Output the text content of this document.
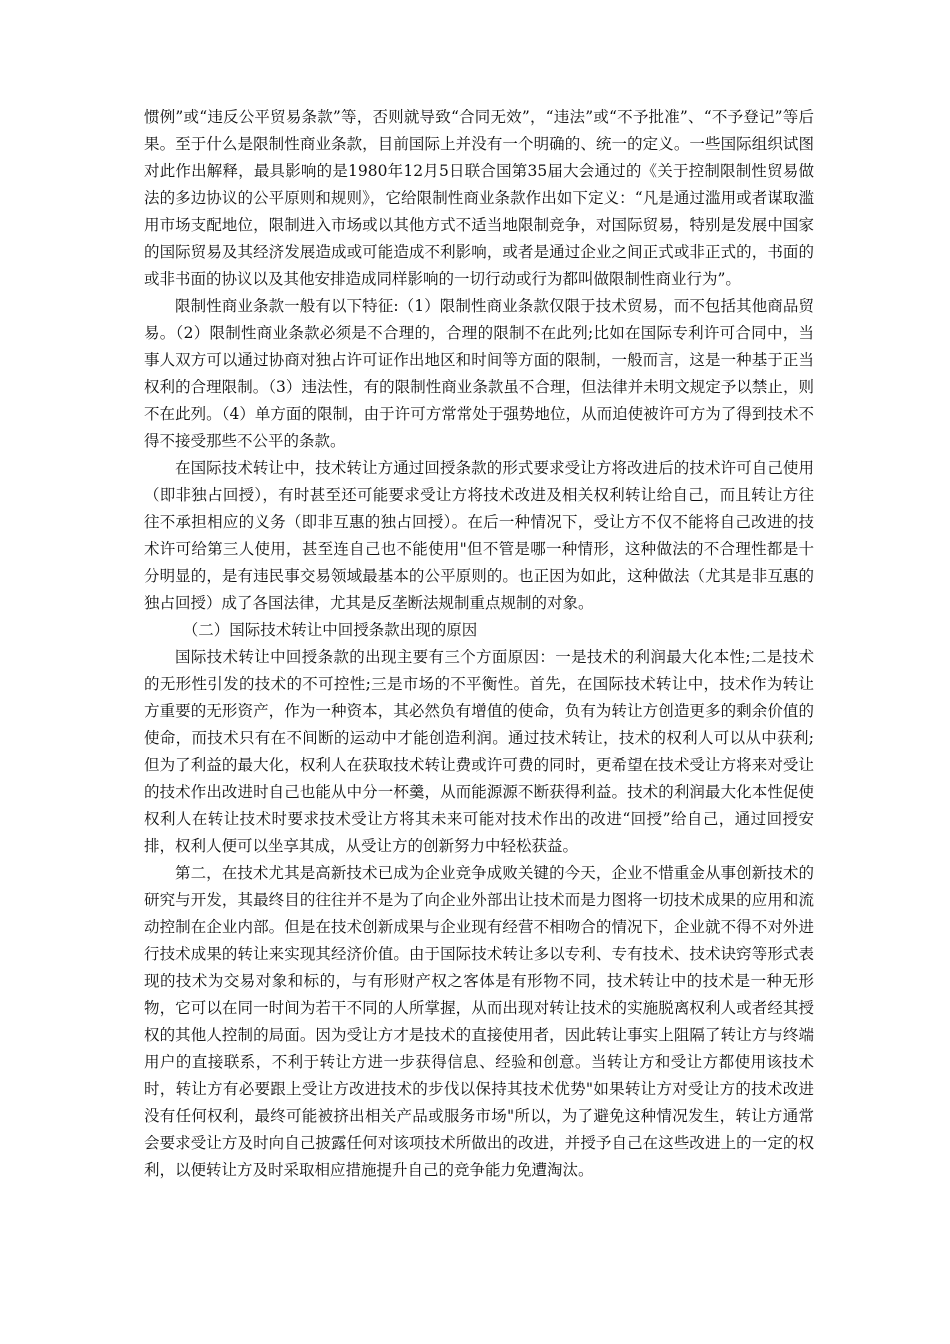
惯例”或“违反公平贸易条款”等，否则就导致“合同无效”，“违法”或“不予批准”、“不予登记”等后果。至于什么是限制性商业条款，目前国际上并没有一个明确的、统一的定义。一些国际组织试图对此作出解释，最具影响的是1980年12月5日联合国第35届大会通过的《关于控制限制性贸易做法的多边协议的公平原则和规则》，它给限制性商业条款作出如下定义：“凡是通过滥用或者谋取滥用市场支配地位，限制进入市场或以其他方式不适当地限制竞争，对国际贸易，特别是发展中国家的国际贸易及其经济发展造成或可能造成不利影响，或者是通过企业之间正式或非正式的，书面的或非书面的协议以及其他安排造成同样影响的一切行动或行为都叫做限制性商业行为”。

限制性商业条款一般有以下特征:（1）限制性商业条款仅限于技术贸易，而不包括其他商品贸易。（2）限制性商业条款必须是不合理的，合理的限制不在此列;比如在国际专利许可合同中，当事人双方可以通过协商对独占许可证作出地区和时间等方面的限制，一般而言，这是一种基于正当权利的合理限制。（3）违法性，有的限制性商业条款虽不合理，但法律并未明文规定予以禁止，则不在此列。（4）单方面的限制，由于许可方常常处于强势地位，从而迫使被许可方为了得到技术不得不接受那些不公平的条款。

在国际技术转让中，技术转让方通过回授条款的形式要求受让方将改进后的技术许可自己使用（即非独占回授），有时甚至还可能要求受让方将技术改进及相关权利转让给自己，而且转让方往往不承担相应的义务（即非互惠的独占回授）。在后一种情况下，受让方不仅不能将自己改进的技术许可给第三人使用，甚至连自己也不能使用"但不管是哪一种情形，这种做法的不合理性都是十分明显的，是有违民事交易领域最基本的公平原则的。也正因为如此，这种做法（尤其是非互惠的独占回授）成了各国法律，尤其是反垄断法规制重点规制的对象。

（二）国际技术转让中回授条款出现的原因

国际技术转让中回授条款的出现主要有三个方面原因：一是技术的利润最大化本性;二是技术的无形性引发的技术的不可控性;三是市场的不平衡性。首先，在国际技术转让中，技术作为转让方重要的无形资产，作为一种资本，其必然负有增值的使命，负有为转让方创造更多的剩余价值的使命，而技术只有在不间断的运动中才能创造利润。通过技术转让，技术的权利人可以从中获利;但为了利益的最大化，权利人在获取技术转让费或许可费的同时，更希望在技术受让方将来对受让的技术作出改进时自己也能从中分一杯羹，从而能源源不断获得利益。技术的利润最大化本性促使权利人在转让技术时要求技术受让方将其未来可能对技术作出的改进“回授”给自己，通过回授安排，权利人便可以坐享其成，从受让方的创新努力中轻松获益。

第二，在技术尤其是高新技术已成为企业竞争成败关键的今天，企业不惜重金从事创新技术的研究与开发，其最终目的往往并不是为了向企业外部出让技术而是力图将一切技术成果的应用和流动控制在企业内部。但是在技术创新成果与企业现有经营不相吻合的情况下，企业就不得不对外进行技术成果的转让来实现其经济价值。由于国际技术转让多以专利、专有技术、技术诀窍等形式表现的技术为交易对象和标的，与有形财产权之客体是有形物不同，技术转让中的技术是一种无形物，它可以在同一时间为若干不同的人所掌握，从而出现对转让技术的实施脱离权利人或者经其授权的其他人控制的局面。因为受让方才是技术的直接使用者，因此转让事实上阻隔了转让方与终端用户的直接联系，不利于转让方进一步获得信息、经验和创意。当转让方和受让方都使用该技术时，转让方有必要跟上受让方改进技术的步伐以保持其技术优势"如果转让方对受让方的技术改进没有任何权利，最终可能被挤出相关产品或服务市场"所以，为了避免这种情况发生，转让方通常会要求受让方及时向自己披露任何对该项技术所做出的改进，并授予自己在这些改进上的一定的权利，以便转让方及时采取相应措施提升自己的竞争能力免遭淘汰。
